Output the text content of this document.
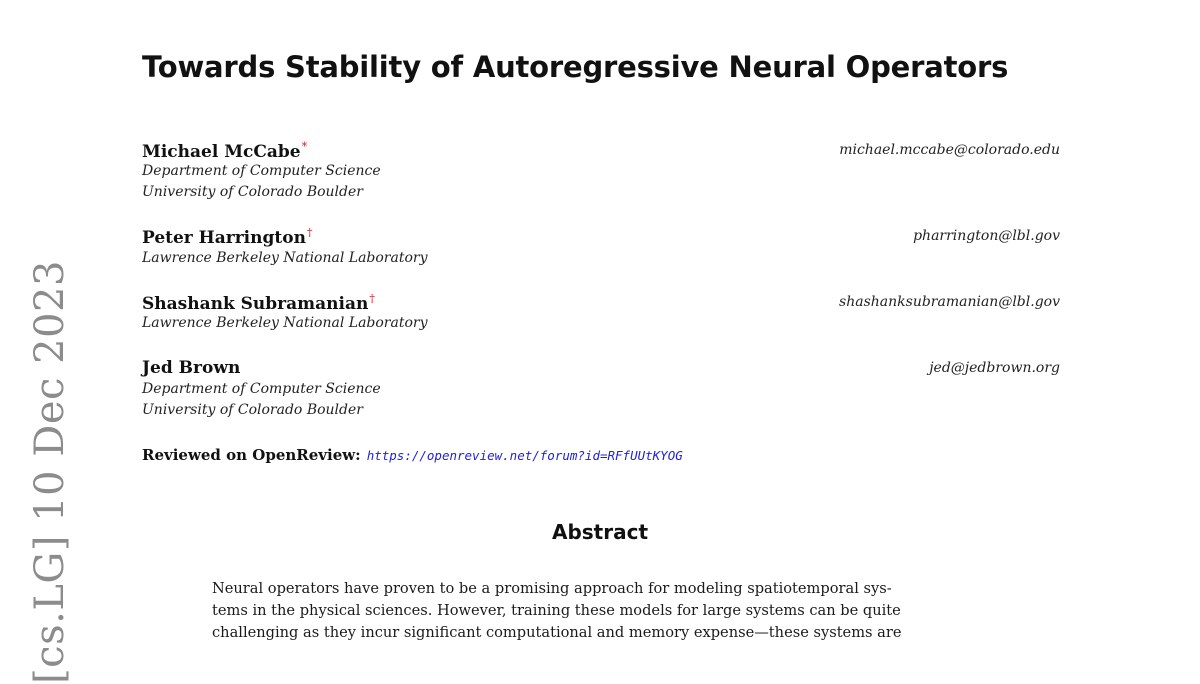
[cs.LG] 10 Dec 2023
Towards Stability of Autoregressive Neural Operators
Michael McCabe*	michael.mccabe@colorado.edu
Department of Computer Science
University of Colorado Boulder
Peter Harrington†	pharrington@lbl.gov
Lawrence Berkeley National Laboratory
Shashank Subramanian†	shashanksubramanian@lbl.gov
Lawrence Berkeley National Laboratory
Jed Brown	jed@jedbrown.org
Department of Computer Science
University of Colorado Boulder
Reviewed on OpenReview: https://openreview.net/forum?id=RFfUUtKYOG
Abstract
Neural operators have proven to be a promising approach for modeling spatiotemporal sys-
tems in the physical sciences. However, training these models for large systems can be quite
challenging as they incur significant computational and memory expense—these systems are
